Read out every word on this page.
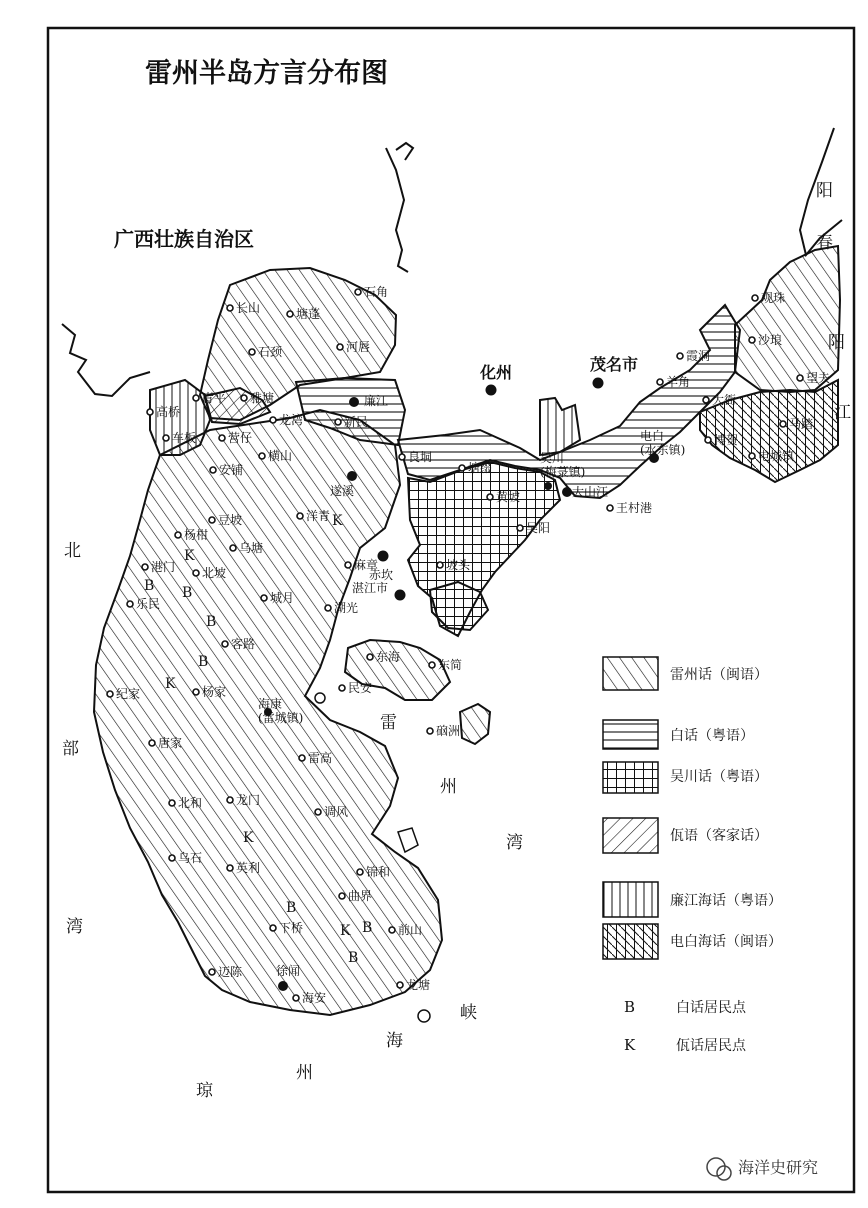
雷州半岛方言分布图
广西壮族自治区
化州	茂名市
湛江市
赤坎
廉江
遂溪	大山江
吴川(梅菉镇)
海康(雷城镇)
徐闻
电白(水东镇)
石角
长山	塘蓬
河唇
石颈
高桥
青平 雅塘
车板
龙湾
营仔
安铺
横山
新民
良垌
塘缀
黄坡
吴阳
王村港
坡头
洋青
豆坡
杨柑
乌塘
港门 北坡
乐民	城月
麻章
湖光
客路
纪家	杨家
唐家
雷高
北和	龙门
调风
乌石
英利	锦和
曲界
下桥	前山
迈陈
海安
龙塘
东海
东简
民安
硇洲
沙琅
观珠
霞洞
羊角	望夫
大衙
马踏
博贺
电城镇
B B
B
B
B
B
B
K
K
K
K
K
北
部
湾
雷
州
湾
琼
州
海
峡
阳
春
阳
江
雷州话（闽语）
白话（粤语）
吴川话（粤语）
佤语（客家话）
廉江海话（粤语）
电白海话（闽语）
B	白话居民点
K	佤话居民点
海洋史研究
